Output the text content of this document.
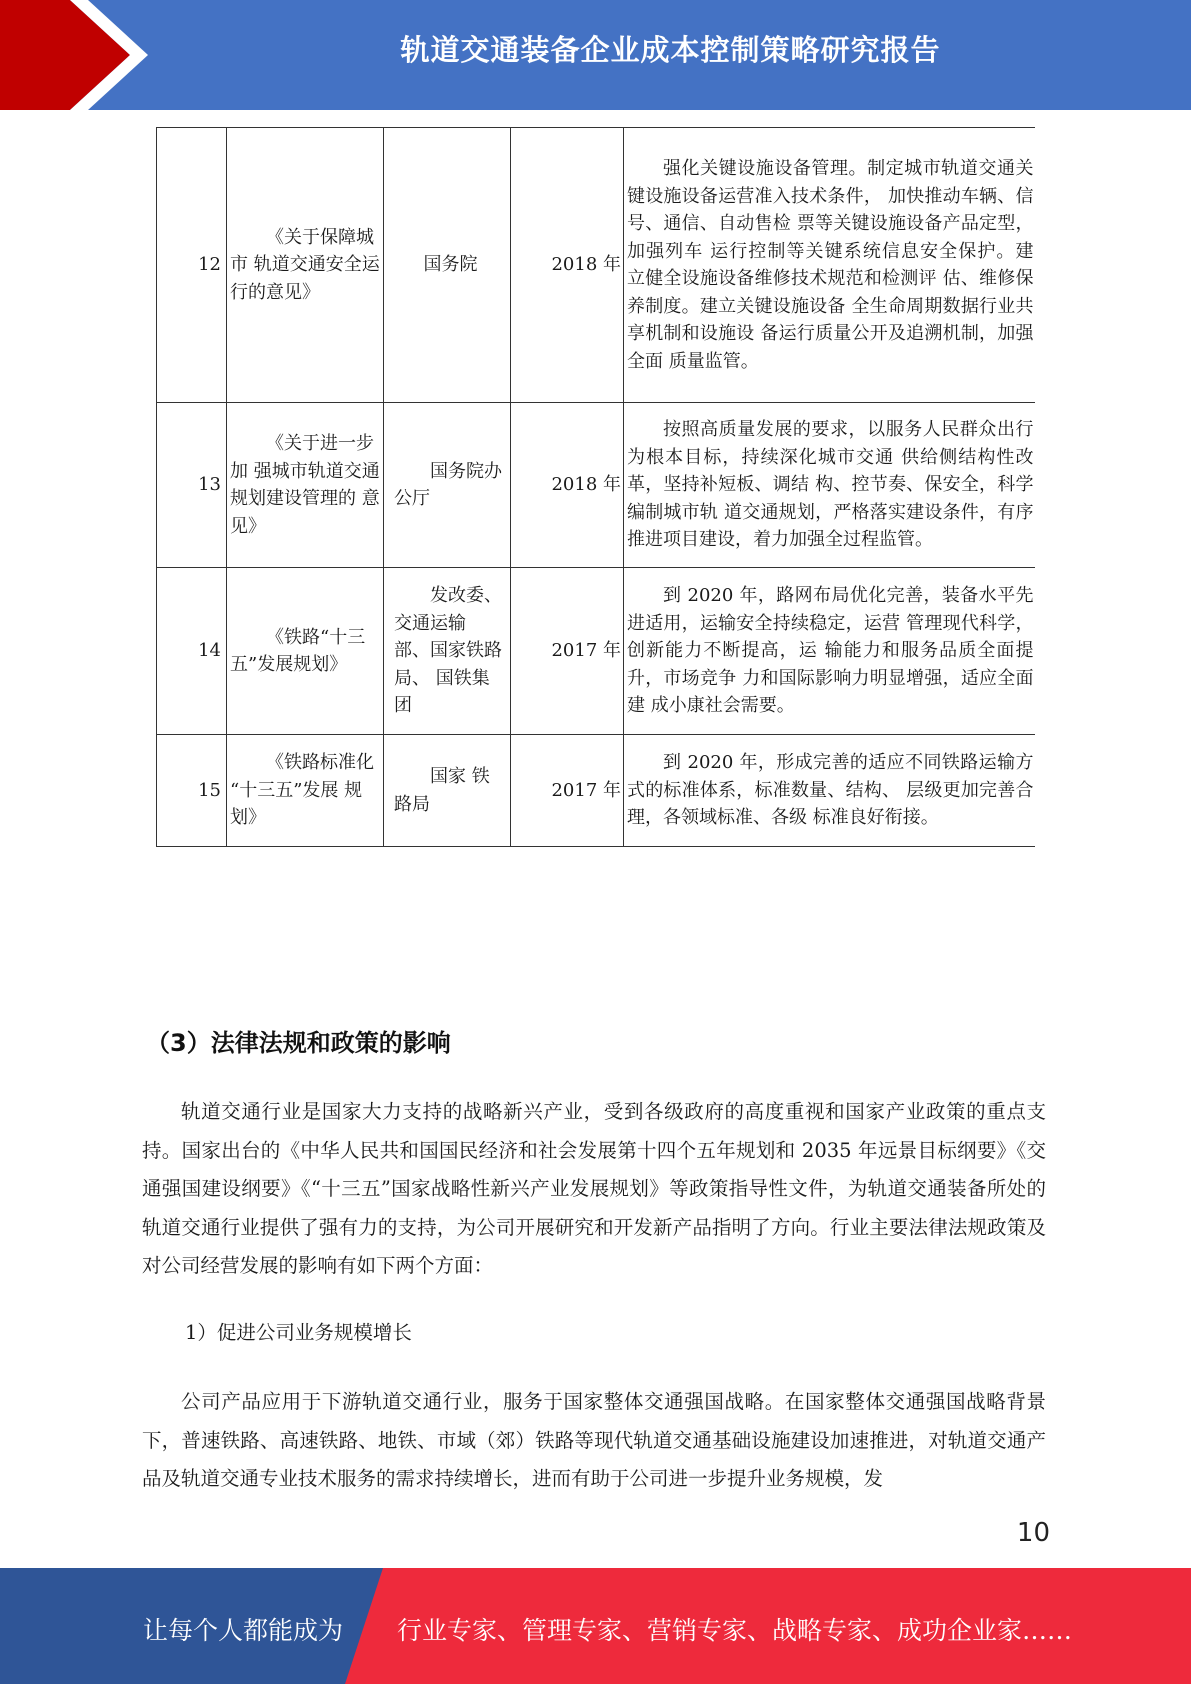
轨道交通装备企业成本控制策略研究报告
12	《关于保障城市 轨道交通安全运 行的意见》	国务院	2018 年	强化关键设施设备管理。制定城市轨道交通关键设施设备运营准入技术条件， 加快推动车辆、信号、通信、自动售检 票等关键设施设备产品定型，加强列车 运行控制等关键系统信息安全保护。建 立健全设施设备维修技术规范和检测评 估、维修保养制度。建立关键设施设备 全生命周期数据行业共享机制和设施设 备运行质量公开及追溯机制，加强全面 质量监管。

13	《关于进一步加 强城市轨道交通 规划建设管理的 意见》	国务院办 公厅	2018 年	按照高质量发展的要求，以服务人民群众出行为根本目标，持续深化城市交通 供给侧结构性改革，坚持补短板、调结 构、控节奏、保安全，科学编制城市轨 道交通规划，严格落实建设条件，有序 推进项目建设，着力加强全过程监管。

14	《铁路“十三五”发展规划》	发改委、 交通运输 部、国家铁路局、 国铁集团	2017 年	到 2020 年，路网布局优化完善，装备水平先进适用，运输安全持续稳定，运营 管理现代科学，创新能力不断提高，运 输能力和服务品质全面提升，市场竞争 力和国际影响力明显增强，适应全面建 成小康社会需要。

15	《铁路标准化 “十三五”发展 规划》	国家 铁路局	2017 年	到 2020 年，形成完善的适应不同铁路运输方式的标准体系，标准数量、结构、 层级更加完善合理，各领域标准、各级 标准良好衔接。
（3）法律法规和政策的影响

轨道交通行业是国家大力支持的战略新兴产业，受到各级政府的高度重视和国家产业政策的重点支持。国家出台的《中华人民共和国国民经济和社会发展第十四个五年规划和 2035 年远景目标纲要》《交通强国建设纲要》《“十三五”国家战略性新兴产业发展规划》等政策指导性文件，为轨道交通装备所处的轨道交通行业提供了强有力的支持，为公司开展研究和开发新产品指明了方向。行业主要法律法规政策及对公司经营发展的影响有如下两个方面：

1）促进公司业务规模增长

公司产品应用于下游轨道交通行业，服务于国家整体交通强国战略。在国家整体交通强国战略背景下，普速铁路、高速铁路、地铁、市域（郊）铁路等现代轨道交通基础设施建设加速推进，对轨道交通产品及轨道交通专业技术服务的需求持续增长，进而有助于公司进一步提升业务规模，发

10
让每个人都能成为 行业专家、管理专家、营销专家、战略专家、成功企业家……
